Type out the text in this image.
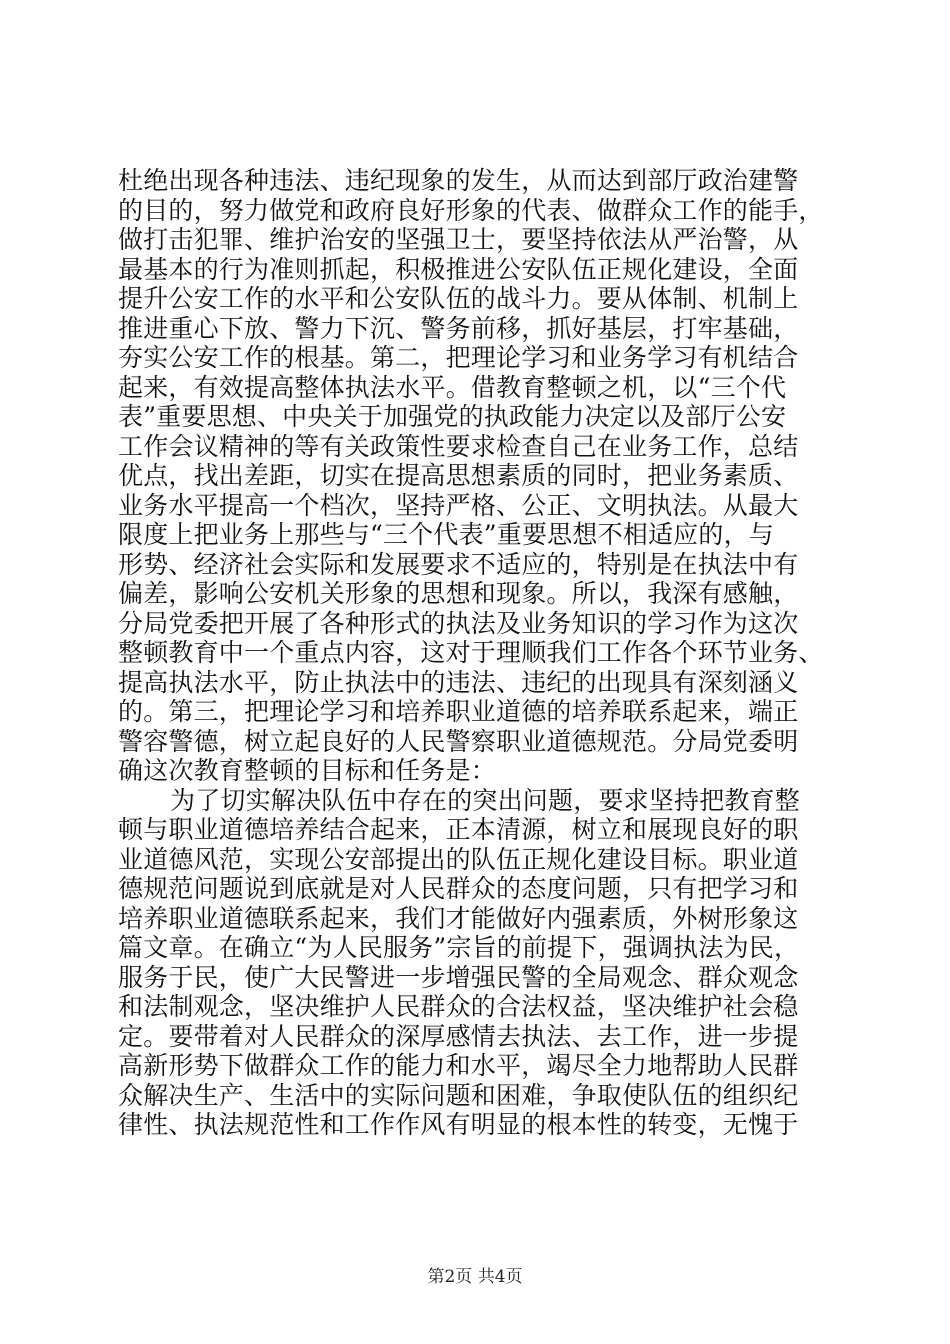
杜绝出现各种违法、违纪现象的发生，从而达到部厅政治建警
的目的，努力做党和政府良好形象的代表、做群众工作的能手，
做打击犯罪、维护治安的坚强卫士，要坚持依法从严治警，从
最基本的行为准则抓起，积极推进公安队伍正规化建设，全面
提升公安工作的水平和公安队伍的战斗力。要从体制、机制上
推进重心下放、警力下沉、警务前移，抓好基层，打牢基础，
夯实公安工作的根基。第二，把理论学习和业务学习有机结合
起来，有效提高整体执法水平。借教育整顿之机，以“三个代
表”重要思想、中央关于加强党的执政能力决定以及部厅公安
工作会议精神的等有关政策性要求检查自己在业务工作，总结
优点，找出差距，切实在提高思想素质的同时，把业务素质、
业务水平提高一个档次，坚持严格、公正、文明执法。从最大
限度上把业务上那些与“三个代表”重要思想不相适应的，与
形势、经济社会实际和发展要求不适应的，特别是在执法中有
偏差，影响公安机关形象的思想和现象。所以，我深有感触，
分局党委把开展了各种形式的执法及业务知识的学习作为这次
整顿教育中一个重点内容，这对于理顺我们工作各个环节业务、
提高执法水平，防止执法中的违法、违纪的出现具有深刻涵义
的。第三，把理论学习和培养职业道德的培养联系起来，端正
警容警德，树立起良好的人民警察职业道德规范。分局党委明
确这次教育整顿的目标和任务是：
为了切实解决队伍中存在的突出问题，要求坚持把教育整
顿与职业道德培养结合起来，正本清源，树立和展现良好的职
业道德风范，实现公安部提出的队伍正规化建设目标。职业道
德规范问题说到底就是对人民群众的态度问题，只有把学习和
培养职业道德联系起来，我们才能做好内强素质，外树形象这
篇文章。在确立“为人民服务”宗旨的前提下，强调执法为民，
服务于民，使广大民警进一步增强民警的全局观念、群众观念
和法制观念，坚决维护人民群众的合法权益，坚决维护社会稳
定。要带着对人民群众的深厚感情去执法、去工作，进一步提
高新形势下做群众工作的能力和水平，竭尽全力地帮助人民群
众解决生产、生活中的实际问题和困难，争取使队伍的组织纪
律性、执法规范性和工作作风有明显的根本性的转变，无愧于
第2页 共4页
